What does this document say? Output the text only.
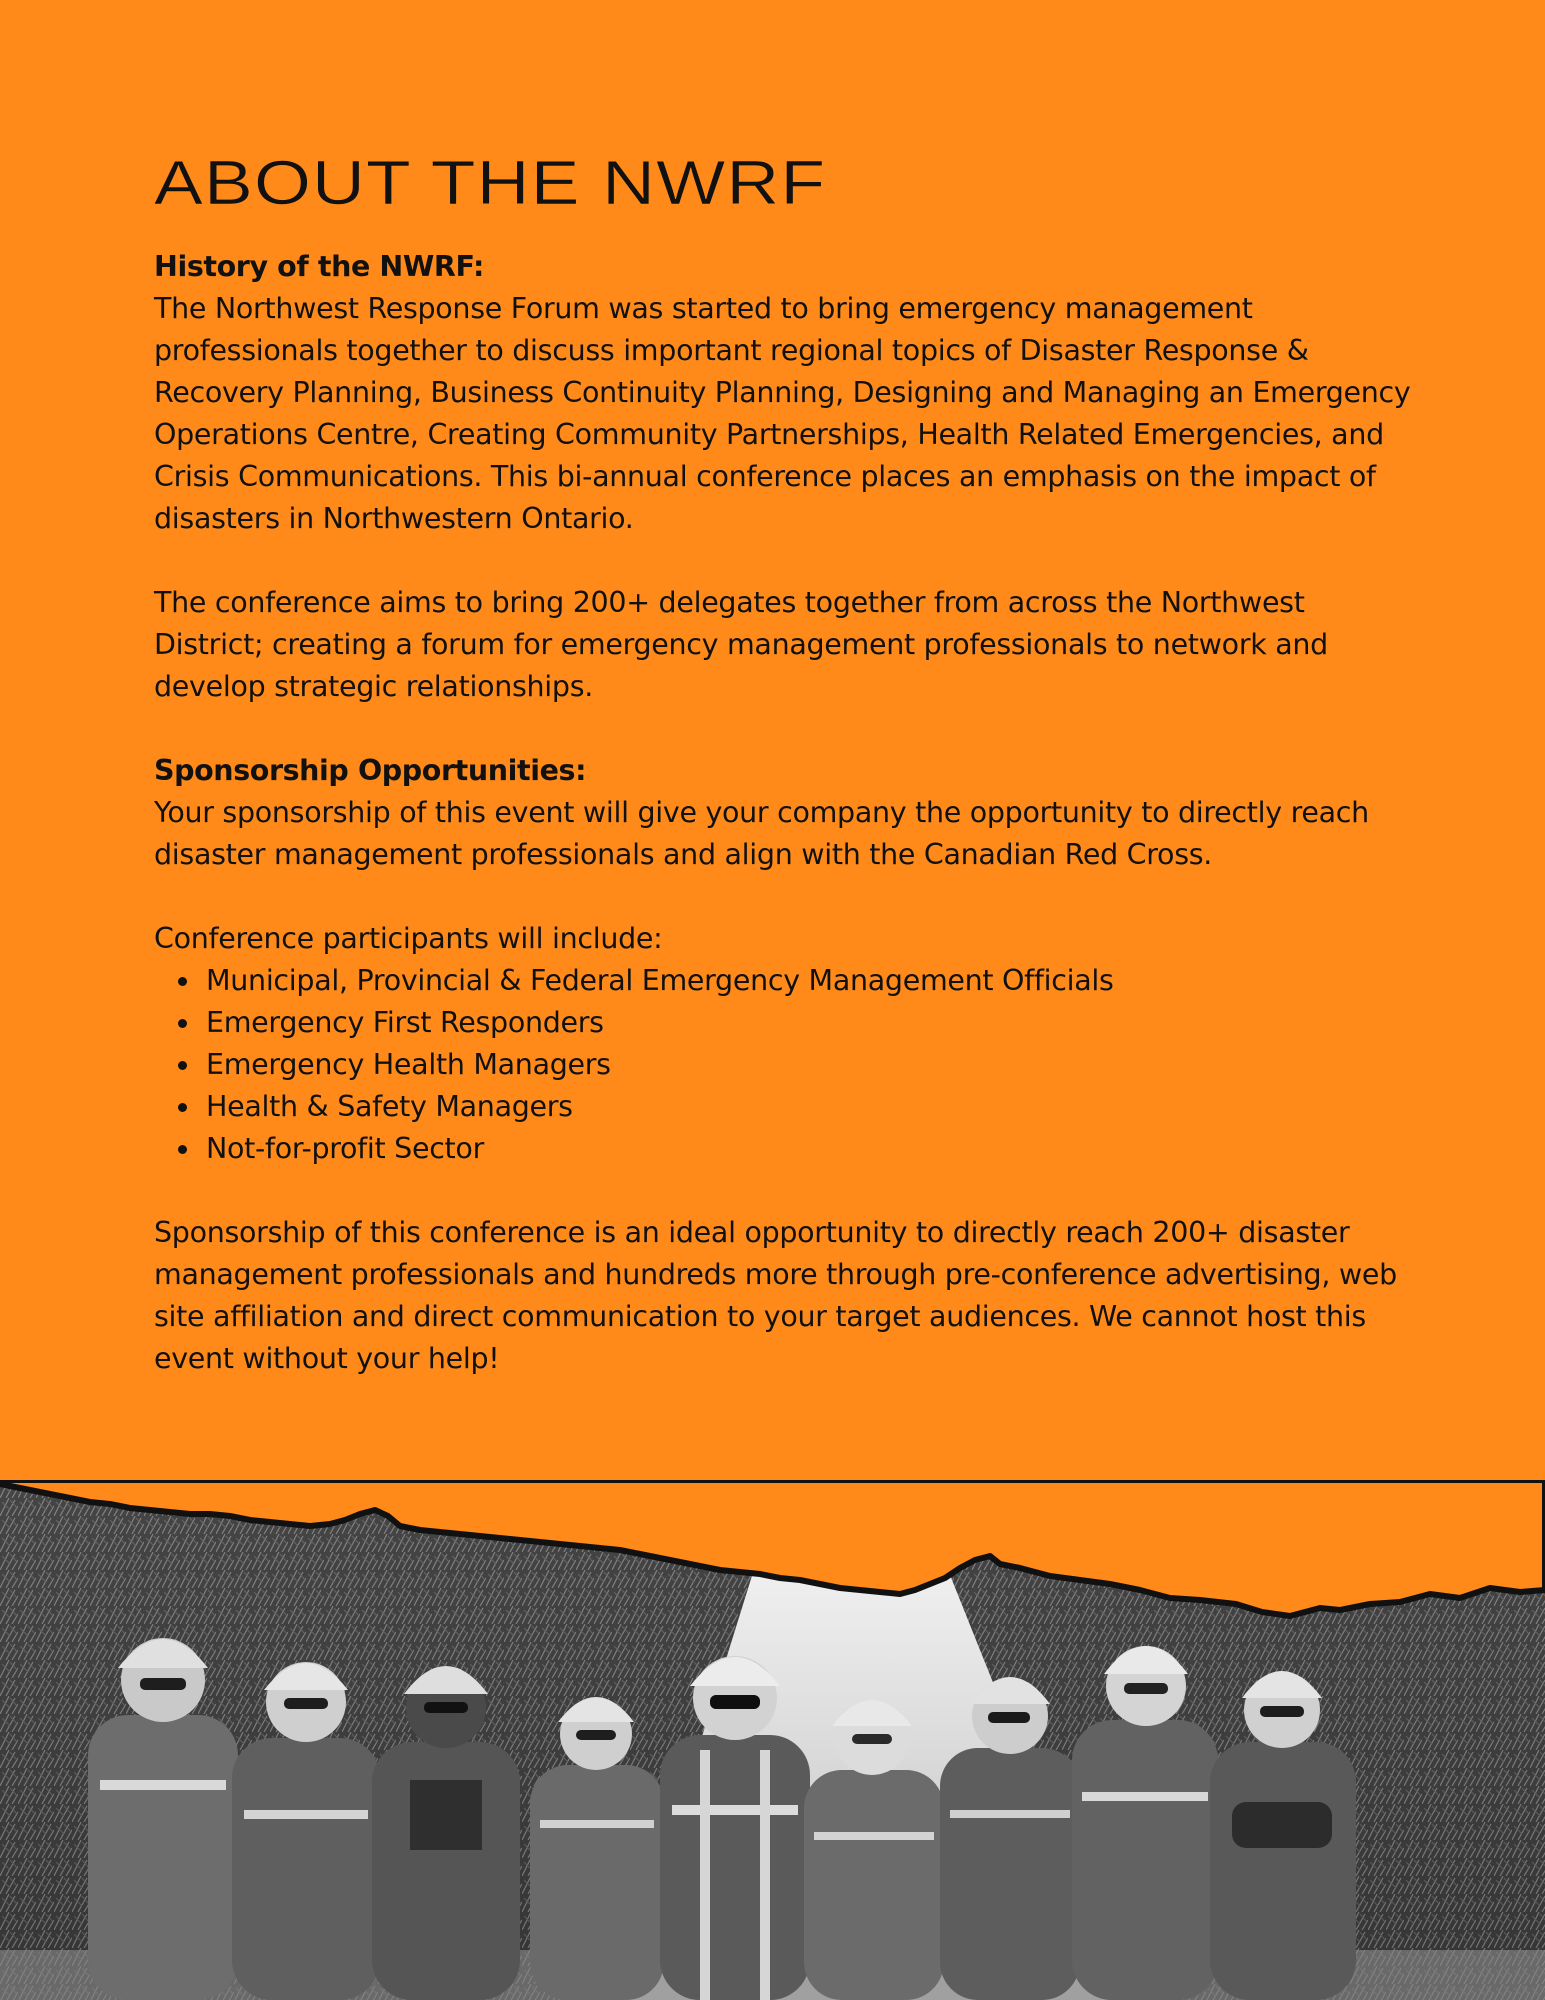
ABOUT THE NWRF

History of the NWRF:

The Northwest Response Forum was started to bring emergency management professionals together to discuss important regional topics of Disaster Response & Recovery Planning, Business Continuity Planning, Designing and Managing an Emergency Operations Centre, Creating Community Partnerships, Health Related Emergencies, and Crisis Communications. This bi-annual conference places an emphasis on the impact of disasters in Northwestern Ontario.

The conference aims to bring 200+ delegates together from across the Northwest District; creating a forum for emergency management professionals to network and develop strategic relationships.

Sponsorship Opportunities:

Your sponsorship of this event will give your company the opportunity to directly reach disaster management professionals and align with the Canadian Red Cross.

Conference participants will include:

Municipal, Provincial & Federal Emergency Management Officials
Emergency First Responders
Emergency Health Managers
Health & Safety Managers
Not-for-profit Sector

Sponsorship of this conference is an ideal opportunity to directly reach 200+ disaster management professionals and hundreds more through pre-conference advertising, web site affiliation and direct communication to your target audiences. We cannot host this event without your help!
